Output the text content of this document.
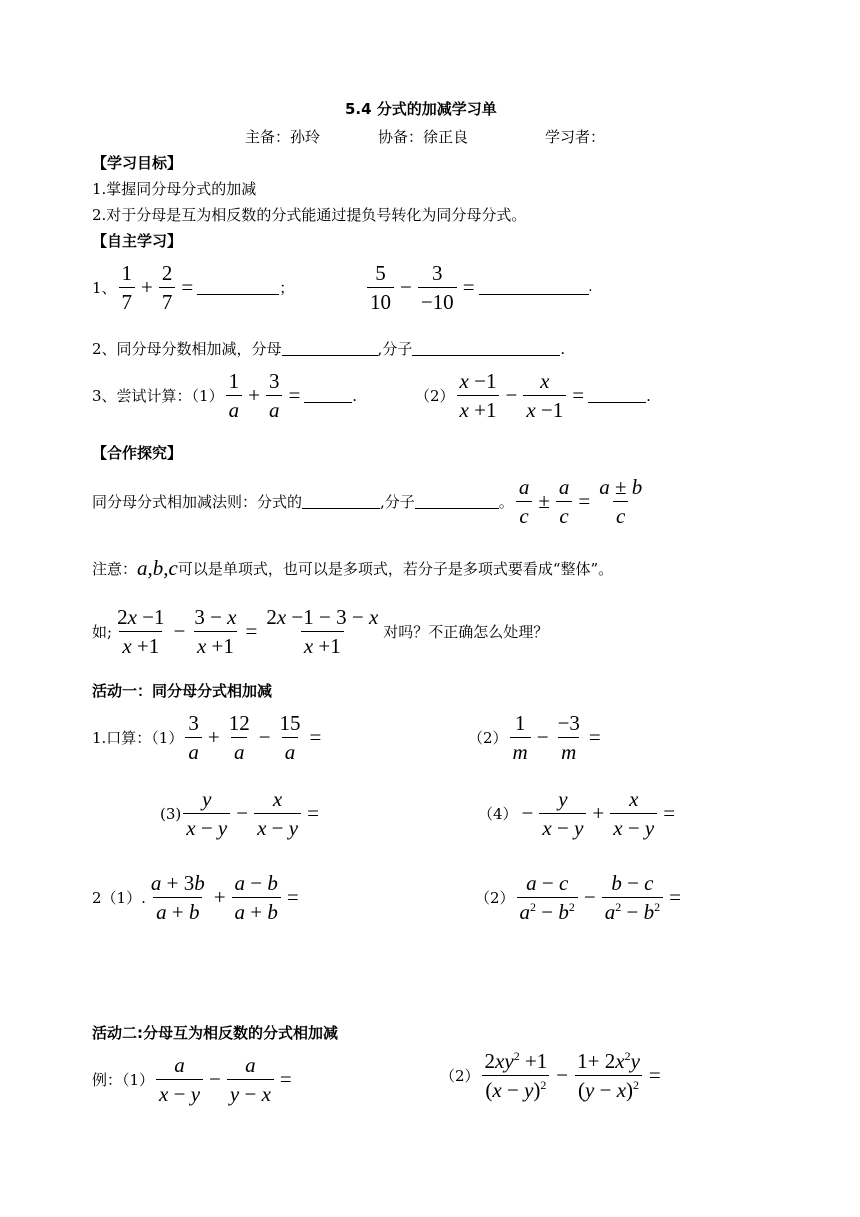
5.4 分式的加减学习单
主备：孙玲	协备：徐正良	学习者：
【学习目标】
1.掌握同分母分式的加减
2.对于分母是互为相反数的分式能通过提负号转化为同分母分式。
【自主学习】
1、 $\frac{1}{7} + \frac{2}{7}$ =	；	$\frac{5}{10} - \frac{3}{-10}$ =	.
2、同分母分数相加减，分母	,分子	.
3、尝试计算：$(1) \frac{1}{a} + \frac{3}{a}$ =	.	$(2) \frac{x -1}{x +1} - \frac{x}{x -1}$ =	.
【合作探究】
同分母分式相加减法则：分式的	,分子	。 $\frac{a}{c} \pm \frac{a}{c} = \frac{a \pm b}{c}$
注意： a,b,c 可以是单项式，也可以是多项式，若分子是多项式要看成“整体”。
如; $\frac{2x -1}{x +1} - \frac{3 - x}{x +1} = \frac{2x -1 - 3 - x}{x +1}$ 对吗？不正确怎么处理？
活动一：同分母分式相加减
1.口算：$(1) \frac{3}{a} + \frac{12}{a} - \frac{15}{a}$ =	$(2) \frac{1}{m} - \frac{-3}{m}$ =
$(3) \frac{y}{x - y} - \frac{x}{x - y}$ =	$(4) - \frac{y}{x - y} + \frac{x}{x - y}$ =
2（1）. $\frac{a + 3b}{a + b} + \frac{a - b}{a + b}$ =	$(2) \frac{a - c}{a^2 - b^2} - \frac{b - c}{a^2 - b^2}$ =
活动二:分母互为相反数的分式相加减
例：$(1) \frac{a}{x - y} - \frac{a}{y - x}$ =	$(2) \frac{2xy^2 +1}{(x - y)^2} - \frac{1+ 2x^2y}{(y - x)^2}$ =
